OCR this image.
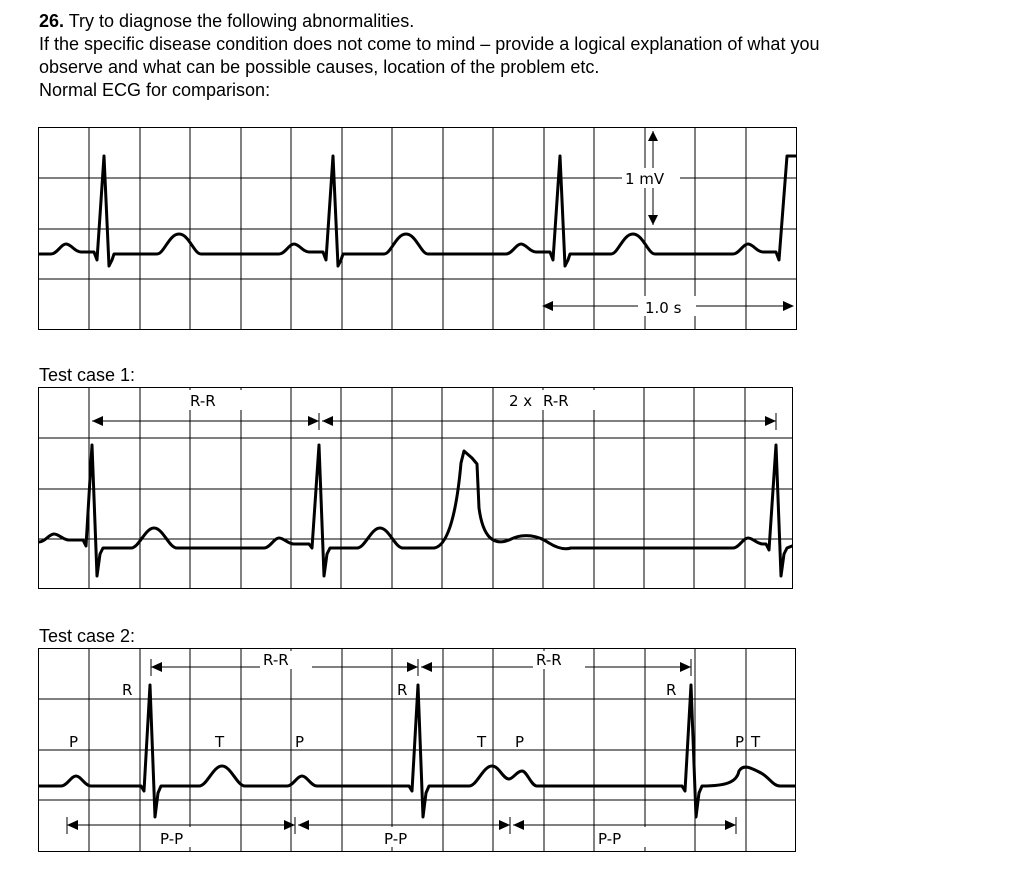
26. Try to diagnose the following abnormalities.
If the specific disease condition does not come to mind – provide a logical explanation of what you
observe and what can be possible causes, location of the problem etc.
Normal ECG for comparison:
1 mV
1.0 s
Test case 1:
R-R	2 x R-R
Test case 2:
R-R	R-R
R	R	R
P	T	P	T P	P T
P-P	P-P	P-P
